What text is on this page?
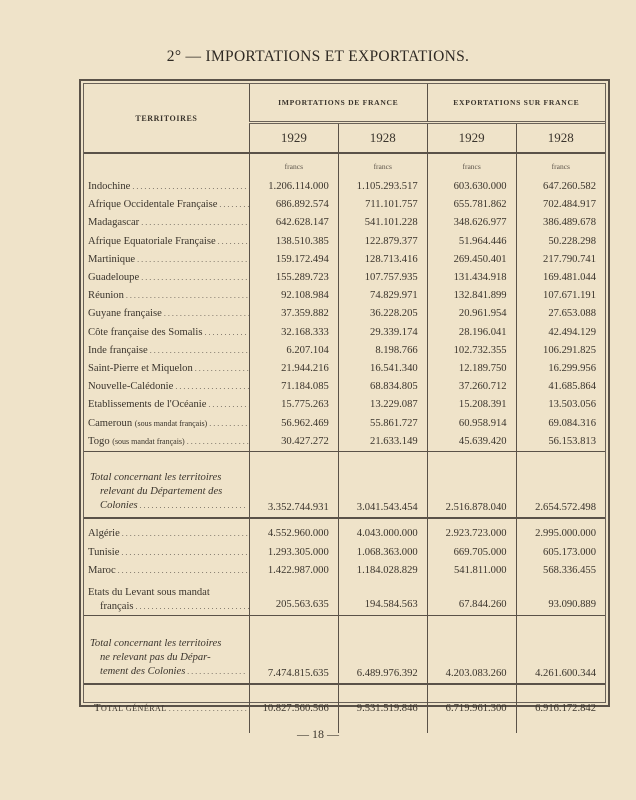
2° — IMPORTATIONS ET EXPORTATIONS.
TERRITOIRES	IMPORTATIONS DE FRANCE		EXPORTATIONS SUR FRANCE	
	1929	1928	1929	1928
	francs	francs	francs	francs

Indochine . . .	1.206.114.000	1.105.293.517	603.630.000	647.260.582

Afrique Occidentale Française . . .	686.892.574	711.101.757	655.781.862	702.484.917

Madagascar . . .	642.628.147	541.101.228	348.626.977	386.489.678

Afrique Equatoriale Française . . .	138.510.385	122.879.377	51.964.446	50.228.298

Martinique . . .	159.172.494	128.713.416	269.450.401	217.790.741

Guadeloupe . . .	155.289.723	107.757.935	131.434.918	169.481.044

Réunion . . .	92.108.984	74.829.971	132.841.899	107.671.191

Guyane française . . .	37.359.882	36.228.205	20.961.954	27.653.088

Côte française des Somalis . . .	32.168.333	29.339.174	28.196.041	42.494.129

Inde française . . .	6.207.104	8.198.766	102.732.355	106.291.825

Saint-Pierre et Miquelon . . .	21.944.216	16.541.340	12.189.750	16.299.956

Nouvelle-Calédonie . . .	71.184.085	68.834.805	37.260.712	41.685.864

Etablissements de l'Océanie . . .	15.775.263	13.229.087	15.208.391	13.503.056

Cameroun (sous mandat français) . . .	56.962.469	55.861.727	60.958.914	69.084.316

Togo (sous mandat français) . . .	30.427.272	21.633.149	45.639.420	56.153.813

Total concernant les territoires
relevant du Département des
Colonies . . .	3.352.744.931	3.041.543.454	2.516.878.040	2.654.572.498

Algérie . . .	4.552.960.000	4.043.000.000	2.923.723.000	2.995.000.000

Tunisie . . .	1.293.305.000	1.068.363.000	669.705.000	605.173.000

Maroc . . .	1.422.987.000	1.184.028.829	541.811.000	568.336.455

Etats du Levant sous mandat
français . . .	205.563.635	194.584.563	67.844.260	93.090.889

Total concernant les territoires
ne relevant pas du Dépar-
tement des Colonies . . .	7.474.815.635	6.489.976.392	4.203.083.260	4.261.600.344

TOTAL GÉNÉRAL . . .	10.827.560.566	9.531.519.846	6.719.961.300	6.916.172.842
— 18 —
